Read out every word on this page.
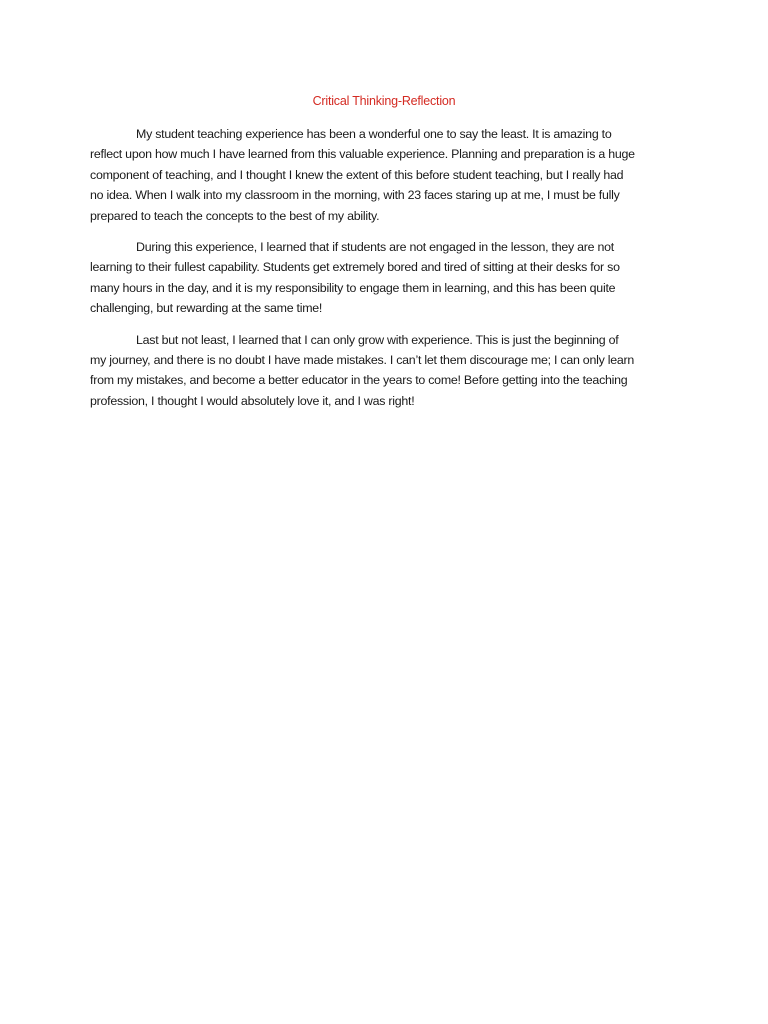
Critical Thinking-Reflection

My student teaching experience has been a wonderful one to say the least. It is amazing to
reflect upon how much I have learned from this valuable experience. Planning and preparation is a huge
component of teaching, and I thought I knew the extent of this before student teaching, but I really had
no idea. When I walk into my classroom in the morning, with 23 faces staring up at me, I must be fully
prepared to teach the concepts to the best of my ability.

During this experience, I learned that if students are not engaged in the lesson, they are not
learning to their fullest capability. Students get extremely bored and tired of sitting at their desks for so
many hours in the day, and it is my responsibility to engage them in learning, and this has been quite
challenging, but rewarding at the same time!

Last but not least, I learned that I can only grow with experience. This is just the beginning of
my journey, and there is no doubt I have made mistakes. I can’t let them discourage me; I can only learn
from my mistakes, and become a better educator in the years to come! Before getting into the teaching
profession, I thought I would absolutely love it, and I was right!
